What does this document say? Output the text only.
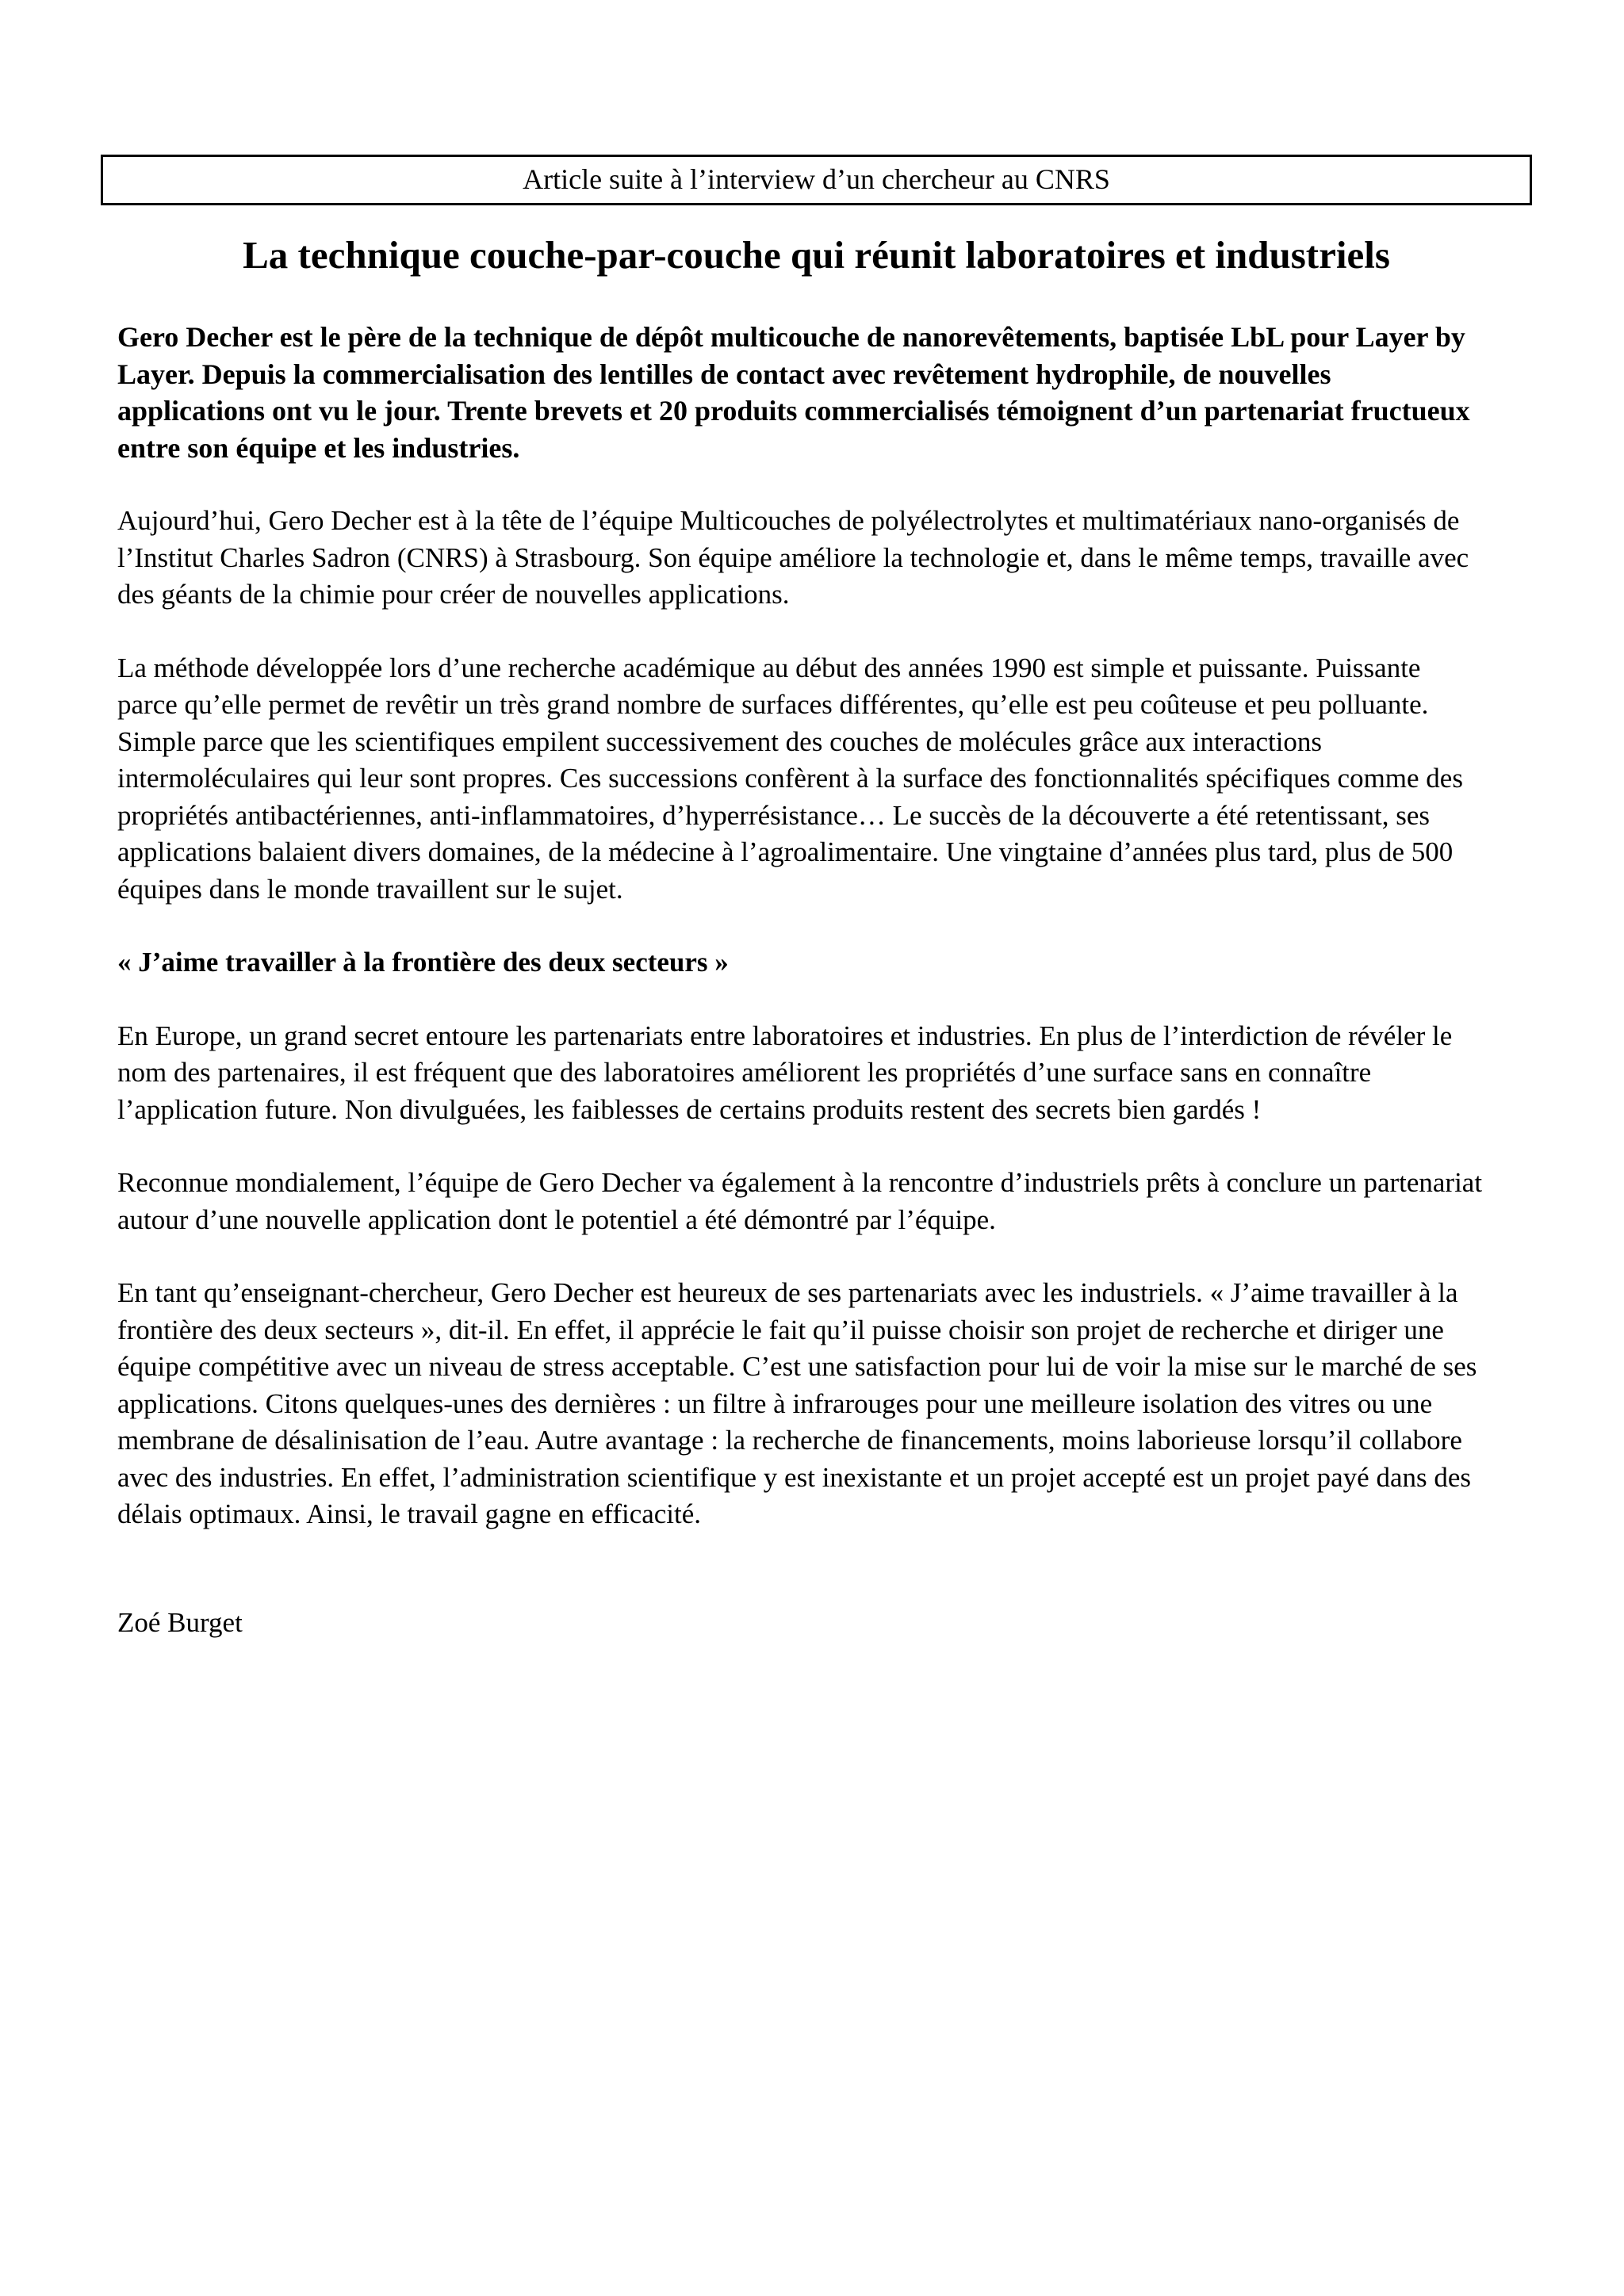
Article suite à l’interview d’un chercheur au CNRS
La technique couche-par-couche qui réunit laboratoires et industriels

Gero Decher est le père de la technique de dépôt multicouche de nanorevêtements, baptisée LbL pour Layer by Layer. Depuis la commercialisation des lentilles de contact avec revêtement hydrophile, de nouvelles applications ont vu le jour. Trente brevets et 20 produits commercialisés témoignent d’un partenariat fructueux entre son équipe et les industries.

Aujourd’hui, Gero Decher est à la tête de l’équipe Multicouches de polyélectrolytes et multimatériaux nano-organisés de l’Institut Charles Sadron (CNRS) à Strasbourg. Son équipe améliore la technologie et, dans le même temps, travaille avec des géants de la chimie pour créer de nouvelles applications.

La méthode développée lors d’une recherche académique au début des années 1990 est simple et puissante. Puissante parce qu’elle permet de revêtir un très grand nombre de surfaces différentes, qu’elle est peu coûteuse et peu polluante. Simple parce que les scientifiques empilent successivement des couches de molécules grâce aux interactions intermoléculaires qui leur sont propres. Ces successions confèrent à la surface des fonctionnalités spécifiques comme des propriétés antibactériennes, anti-inflammatoires, d’hyperrésistance… Le succès de la découverte a été retentissant, ses applications balaient divers domaines, de la médecine à l’agroalimentaire. Une vingtaine d’années plus tard, plus de 500 équipes dans le monde travaillent sur le sujet.

« J’aime travailler à la frontière des deux secteurs »

En Europe, un grand secret entoure les partenariats entre laboratoires et industries. En plus de l’interdiction de révéler le nom des partenaires, il est fréquent que des laboratoires améliorent les propriétés d’une surface sans en connaître l’application future. Non divulguées, les faiblesses de certains produits restent des secrets bien gardés !

Reconnue mondialement, l’équipe de Gero Decher va également à la rencontre d’industriels prêts à conclure un partenariat autour d’une nouvelle application dont le potentiel a été démontré par l’équipe.

En tant qu’enseignant-chercheur, Gero Decher est heureux de ses partenariats avec les industriels. « J’aime travailler à la frontière des deux secteurs », dit-il. En effet, il apprécie le fait qu’il puisse choisir son projet de recherche et diriger une équipe compétitive avec un niveau de stress acceptable. C’est une satisfaction pour lui de voir la mise sur le marché de ses applications. Citons quelques-unes des dernières : un filtre à infrarouges pour une meilleure isolation des vitres ou une membrane de désalinisation de l’eau. Autre avantage : la recherche de financements, moins laborieuse lorsqu’il collabore avec des industries. En effet, l’administration scientifique y est inexistante et un projet accepté est un projet payé dans des délais optimaux. Ainsi, le travail gagne en efficacité.

Zoé Burget
